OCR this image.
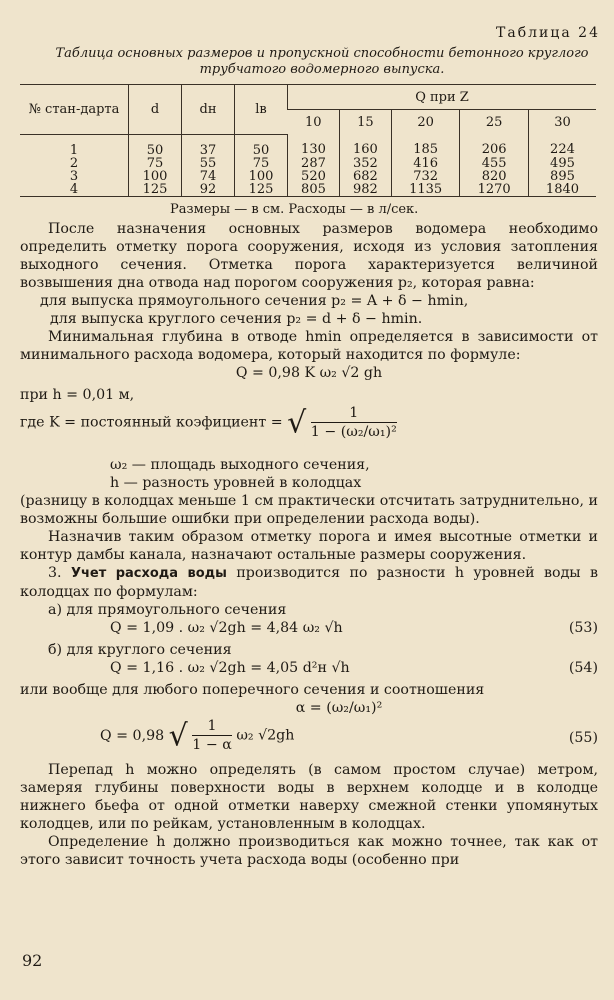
Таблица 24
Таблица основных размеров и пропускной способности бетонного круглого трубчатого водомерного выпуска.
№ стан-дарта	d	dн	lв	Q при Z				
				10	15	20	25	30
1	50	37	50	130	160	185	206	224
2	75	55	75	287	352	416	455	495
3	100	74	100	520	682	732	820	895
4	125	92	125	805	982	1135	1270	1840
Размеры — в см. Расходы — в л/сек.

После назначения основных размеров водомера необходимо определить отметку порога сооружения, исходя из условия затопления выходного сечения. Отметка порога характеризуется величиной возвышения дна отвода над порогом сооружения p₂, которая равна:

для выпуска прямоугольного сечения p₂ = A + δ − hmin,

для выпуска круглого сечения p₂ = d + δ − hmin.

Минимальная глубина в отводе hmin определяется в зависимости от минимального расхода водомера, который находится по формуле:

Q = 0,98 K ω₂ √2 gh

при h = 0,01 м,

где K = постоянный коэфициент = √ $\frac{1}{\text{1 − (ω₂/ω₁)²}}$

ω₂ — площадь выходного сечения,

h — разность уровней в колодцах

(разницу в колодцах меньше 1 см практически отсчитать затруднительно, и возможны большие ошибки при определении расхода воды).

Назначив таким образом отметку порога и имея высотные отметки и контур дамбы канала, назначают остальные размеры сооружения.

3. Учет расхода воды производится по разности h уровней воды в колодцах по формулам:

а) для прямоугольного сечения

Q = 1,09 . ω₂ √2gh = 4,84 ω₂ √h	(53)

б) для круглого сечения

Q = 1,16 . ω₂ √2gh = 4,05 d²н √h	(54)

или вообще для любого поперечного сечения и соотношения

α = (ω₂/ω₁)²
Q = 0,98 √ $\frac{1}{1 - \alpha} \omega_2$ √2gh	(55)

Перепад h можно определять (в самом простом случае) метром, замеряя глубины поверхности воды в верхнем колодце и в колодце нижнего бьефа от одной отметки наверху смежной стенки упомянутых колодцев, или по рейкам, установленным в колодцах.

Определение h должно производиться как можно точнее, так как от этого зависит точность учета расхода воды (особенно при

92
